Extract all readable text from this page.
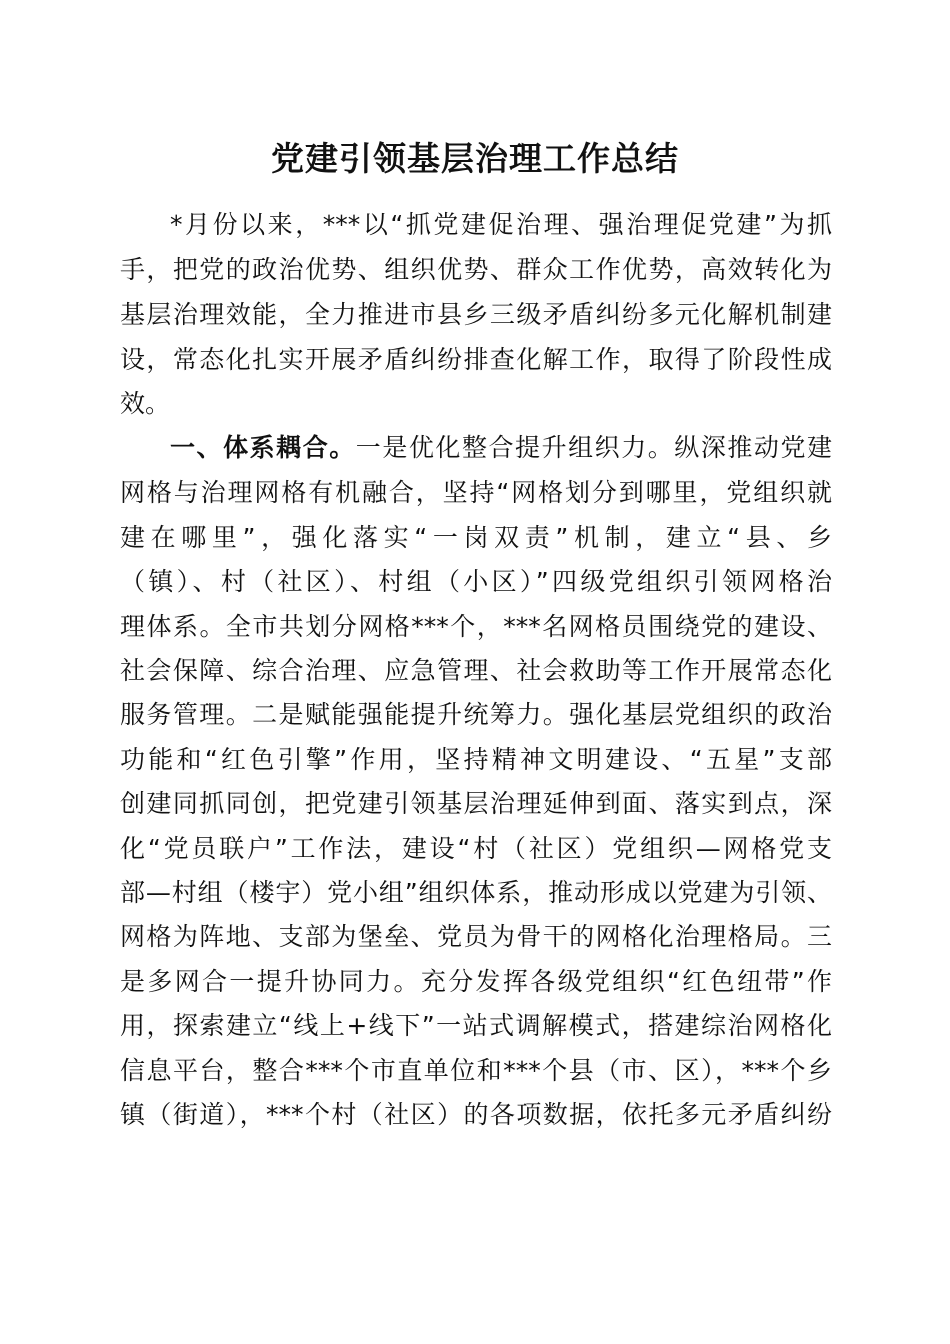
党建引领基层治理工作总结
*月份以来，***以“抓党建促治理、强治理促党建”为抓
手，把党的政治优势、组织优势、群众工作优势，高效转化为
基层治理效能，全力推进市县乡三级矛盾纠纷多元化解机制建
设，常态化扎实开展矛盾纠纷排查化解工作，取得了阶段性成
效。
一、体系耦合。一是优化整合提升组织力。纵深推动党建
网格与治理网格有机融合，坚持“网格划分到哪里，党组织就
建在哪里”，强化落实“一岗双责”机制，建立“县、乡
（镇）、村（社区）、村组（小区）”四级党组织引领网格治
理体系。全市共划分网格***个，***名网格员围绕党的建设、
社会保障、综合治理、应急管理、社会救助等工作开展常态化
服务管理。二是赋能强能提升统筹力。强化基层党组织的政治
功能和“红色引擎”作用，坚持精神文明建设、“五星”支部
创建同抓同创，把党建引领基层治理延伸到面、落实到点，深
化“党员联户”工作法，建设“村（社区）党组织—网格党支
部—村组（楼宇）党小组”组织体系，推动形成以党建为引领、
网格为阵地、支部为堡垒、党员为骨干的网格化治理格局。三
是多网合一提升协同力。充分发挥各级党组织“红色纽带”作
用，探索建立“线上+线下”一站式调解模式，搭建综治网格化
信息平台，整合***个市直单位和***个县（市、区），***个乡
镇（街道），***个村（社区）的各项数据，依托多元矛盾纠纷
